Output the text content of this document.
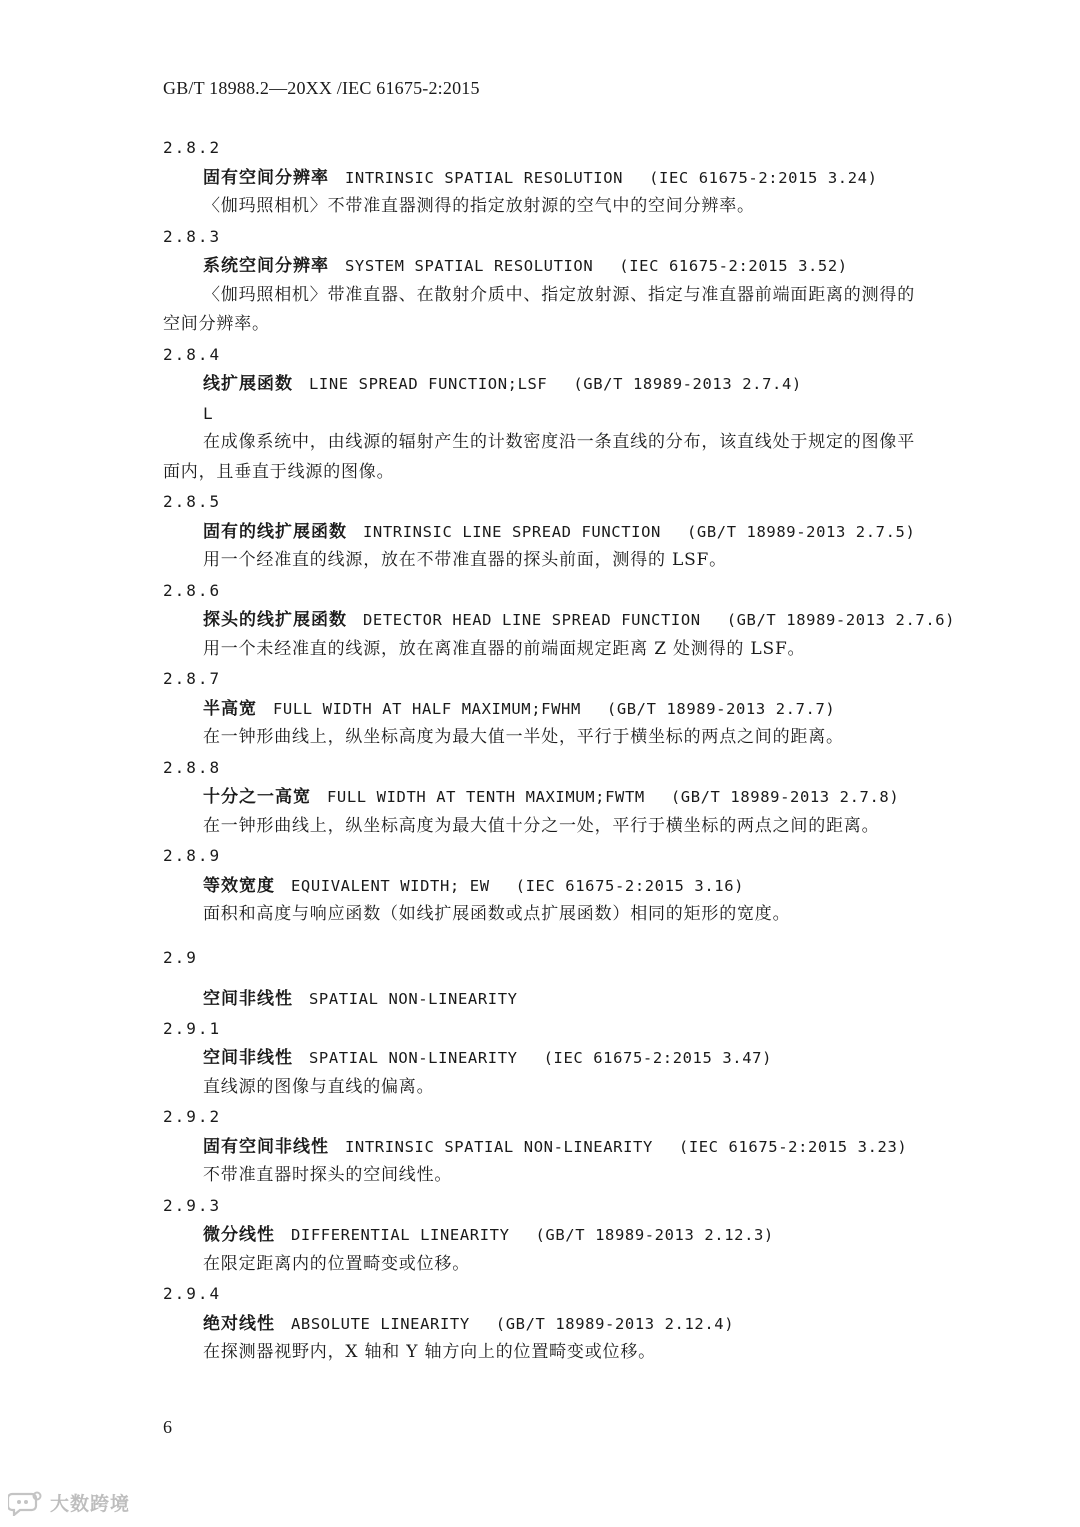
GB/T 18988.2—20XX /IEC 61675-2:2015
2.8.2
固有空间分辨率 INTRINSIC SPATIAL RESOLUTION (IEC 61675-2:2015 3.24)
〈伽玛照相机〉不带准直器测得的指定放射源的空气中的空间分辨率。
2.8.3
系统空间分辨率 SYSTEM SPATIAL RESOLUTION (IEC 61675-2:2015 3.52)
〈伽玛照相机〉带准直器、在散射介质中、指定放射源、指定与准直器前端面距离的测得的空间分辨率。
2.8.4
线扩展函数 LINE SPREAD FUNCTION;LSF (GB/T 18989-2013 2.7.4)
L
在成像系统中，由线源的辐射产生的计数密度沿一条直线的分布，该直线处于规定的图像平面内，且垂直于线源的图像。
2.8.5
固有的线扩展函数 INTRINSIC LINE SPREAD FUNCTION (GB/T 18989-2013 2.7.5)
用一个经准直的线源，放在不带准直器的探头前面，测得的 LSF。
2.8.6
探头的线扩展函数 DETECTOR HEAD LINE SPREAD FUNCTION (GB/T 18989-2013 2.7.6)
用一个未经准直的线源，放在离准直器的前端面规定距离 Z 处测得的 LSF。
2.8.7
半高宽 FULL WIDTH AT HALF MAXIMUM;FWHM (GB/T 18989-2013 2.7.7)
在一钟形曲线上，纵坐标高度为最大值一半处，平行于横坐标的两点之间的距离。
2.8.8
十分之一高宽 FULL WIDTH AT TENTH MAXIMUM;FWTM (GB/T 18989-2013 2.7.8)
在一钟形曲线上，纵坐标高度为最大值十分之一处，平行于横坐标的两点之间的距离。
2.8.9
等效宽度 EQUIVALENT WIDTH; EW (IEC 61675-2:2015 3.16)
面积和高度与响应函数（如线扩展函数或点扩展函数）相同的矩形的宽度。
2.9
空间非线性 SPATIAL NON-LINEARITY
2.9.1
空间非线性 SPATIAL NON-LINEARITY (IEC 61675-2:2015 3.47)
直线源的图像与直线的偏离。
2.9.2
固有空间非线性 INTRINSIC SPATIAL NON-LINEARITY (IEC 61675-2:2015 3.23)
不带准直器时探头的空间线性。
2.9.3
微分线性 DIFFERENTIAL LINEARITY (GB/T 18989-2013 2.12.3)
在限定距离内的位置畸变或位移。
2.9.4
绝对线性 ABSOLUTE LINEARITY (GB/T 18989-2013 2.12.4)
在探测器视野内，X 轴和 Y 轴方向上的位置畸变或位移。
6
大数跨境
